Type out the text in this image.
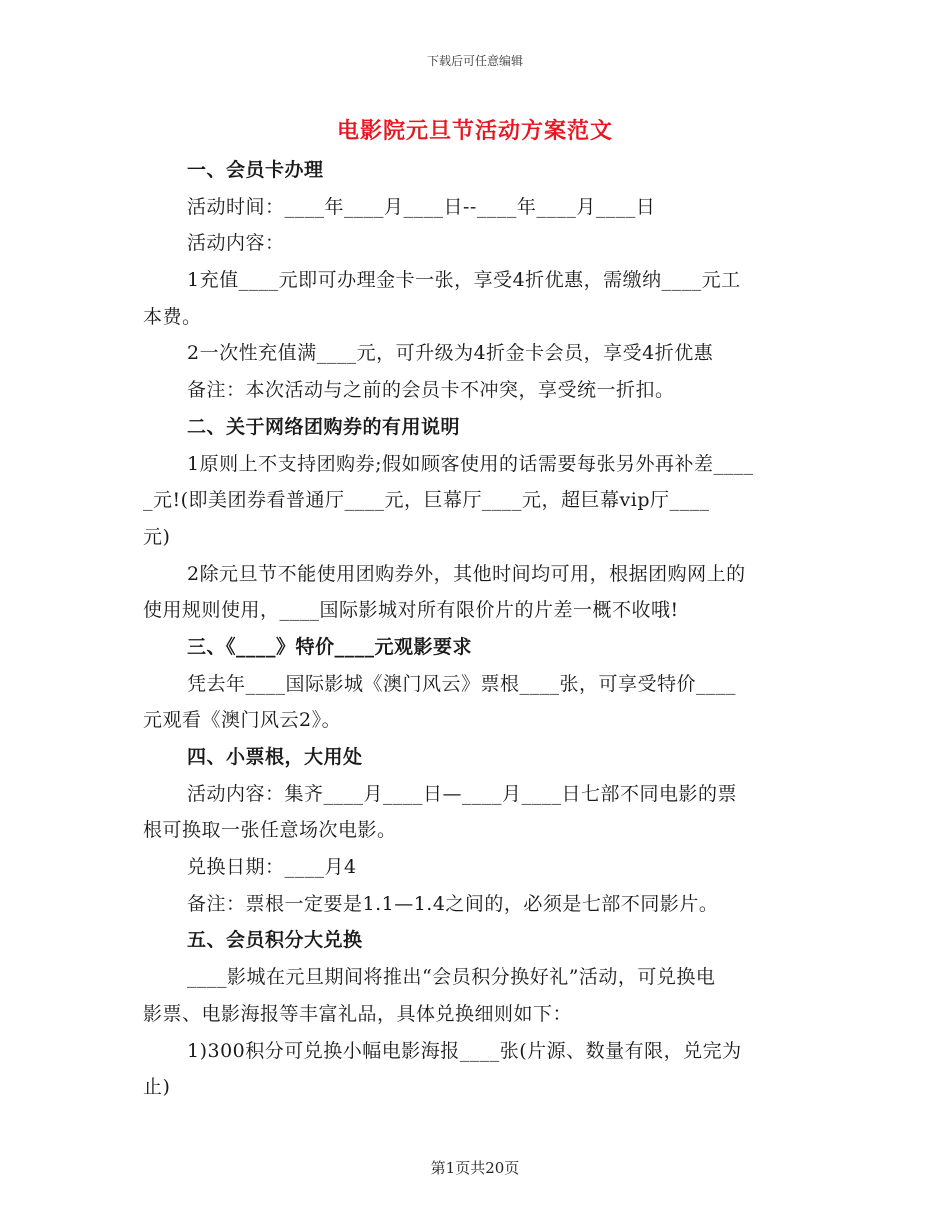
下载后可任意编辑
电影院元旦节活动方案范文
一、会员卡办理
活动时间：____年____月____日--____年____月____日
活动内容：
1充值____元即可办理金卡一张，享受4折优惠，需缴纳____元工
本费。
2一次性充值满____元，可升级为4折金卡会员，享受4折优惠
备注：本次活动与之前的会员卡不冲突，享受统一折扣。
二、关于网络团购券的有用说明
1原则上不支持团购券;假如顾客使用的话需要每张另外再补差____
_元!(即美团券看普通厅____元，巨幕厅____元，超巨幕vip厅____
元)
2除元旦节不能使用团购券外，其他时间均可用，根据团购网上的
使用规则使用，____国际影城对所有限价片的片差一概不收哦!
三、《____》特价____元观影要求
凭去年____国际影城《澳门风云》票根____张，可享受特价____
元观看《澳门风云2》。
四、小票根，大用处
活动内容：集齐____月____日—____月____日七部不同电影的票
根可换取一张任意场次电影。
兑换日期：____月4
备注：票根一定要是1.1—1.4之间的，必须是七部不同影片。
五、会员积分大兑换
____影城在元旦期间将推出“会员积分换好礼”活动，可兑换电
影票、电影海报等丰富礼品，具体兑换细则如下：
1)300积分可兑换小幅电影海报____张(片源、数量有限，兑完为
止)
第1页共20页
